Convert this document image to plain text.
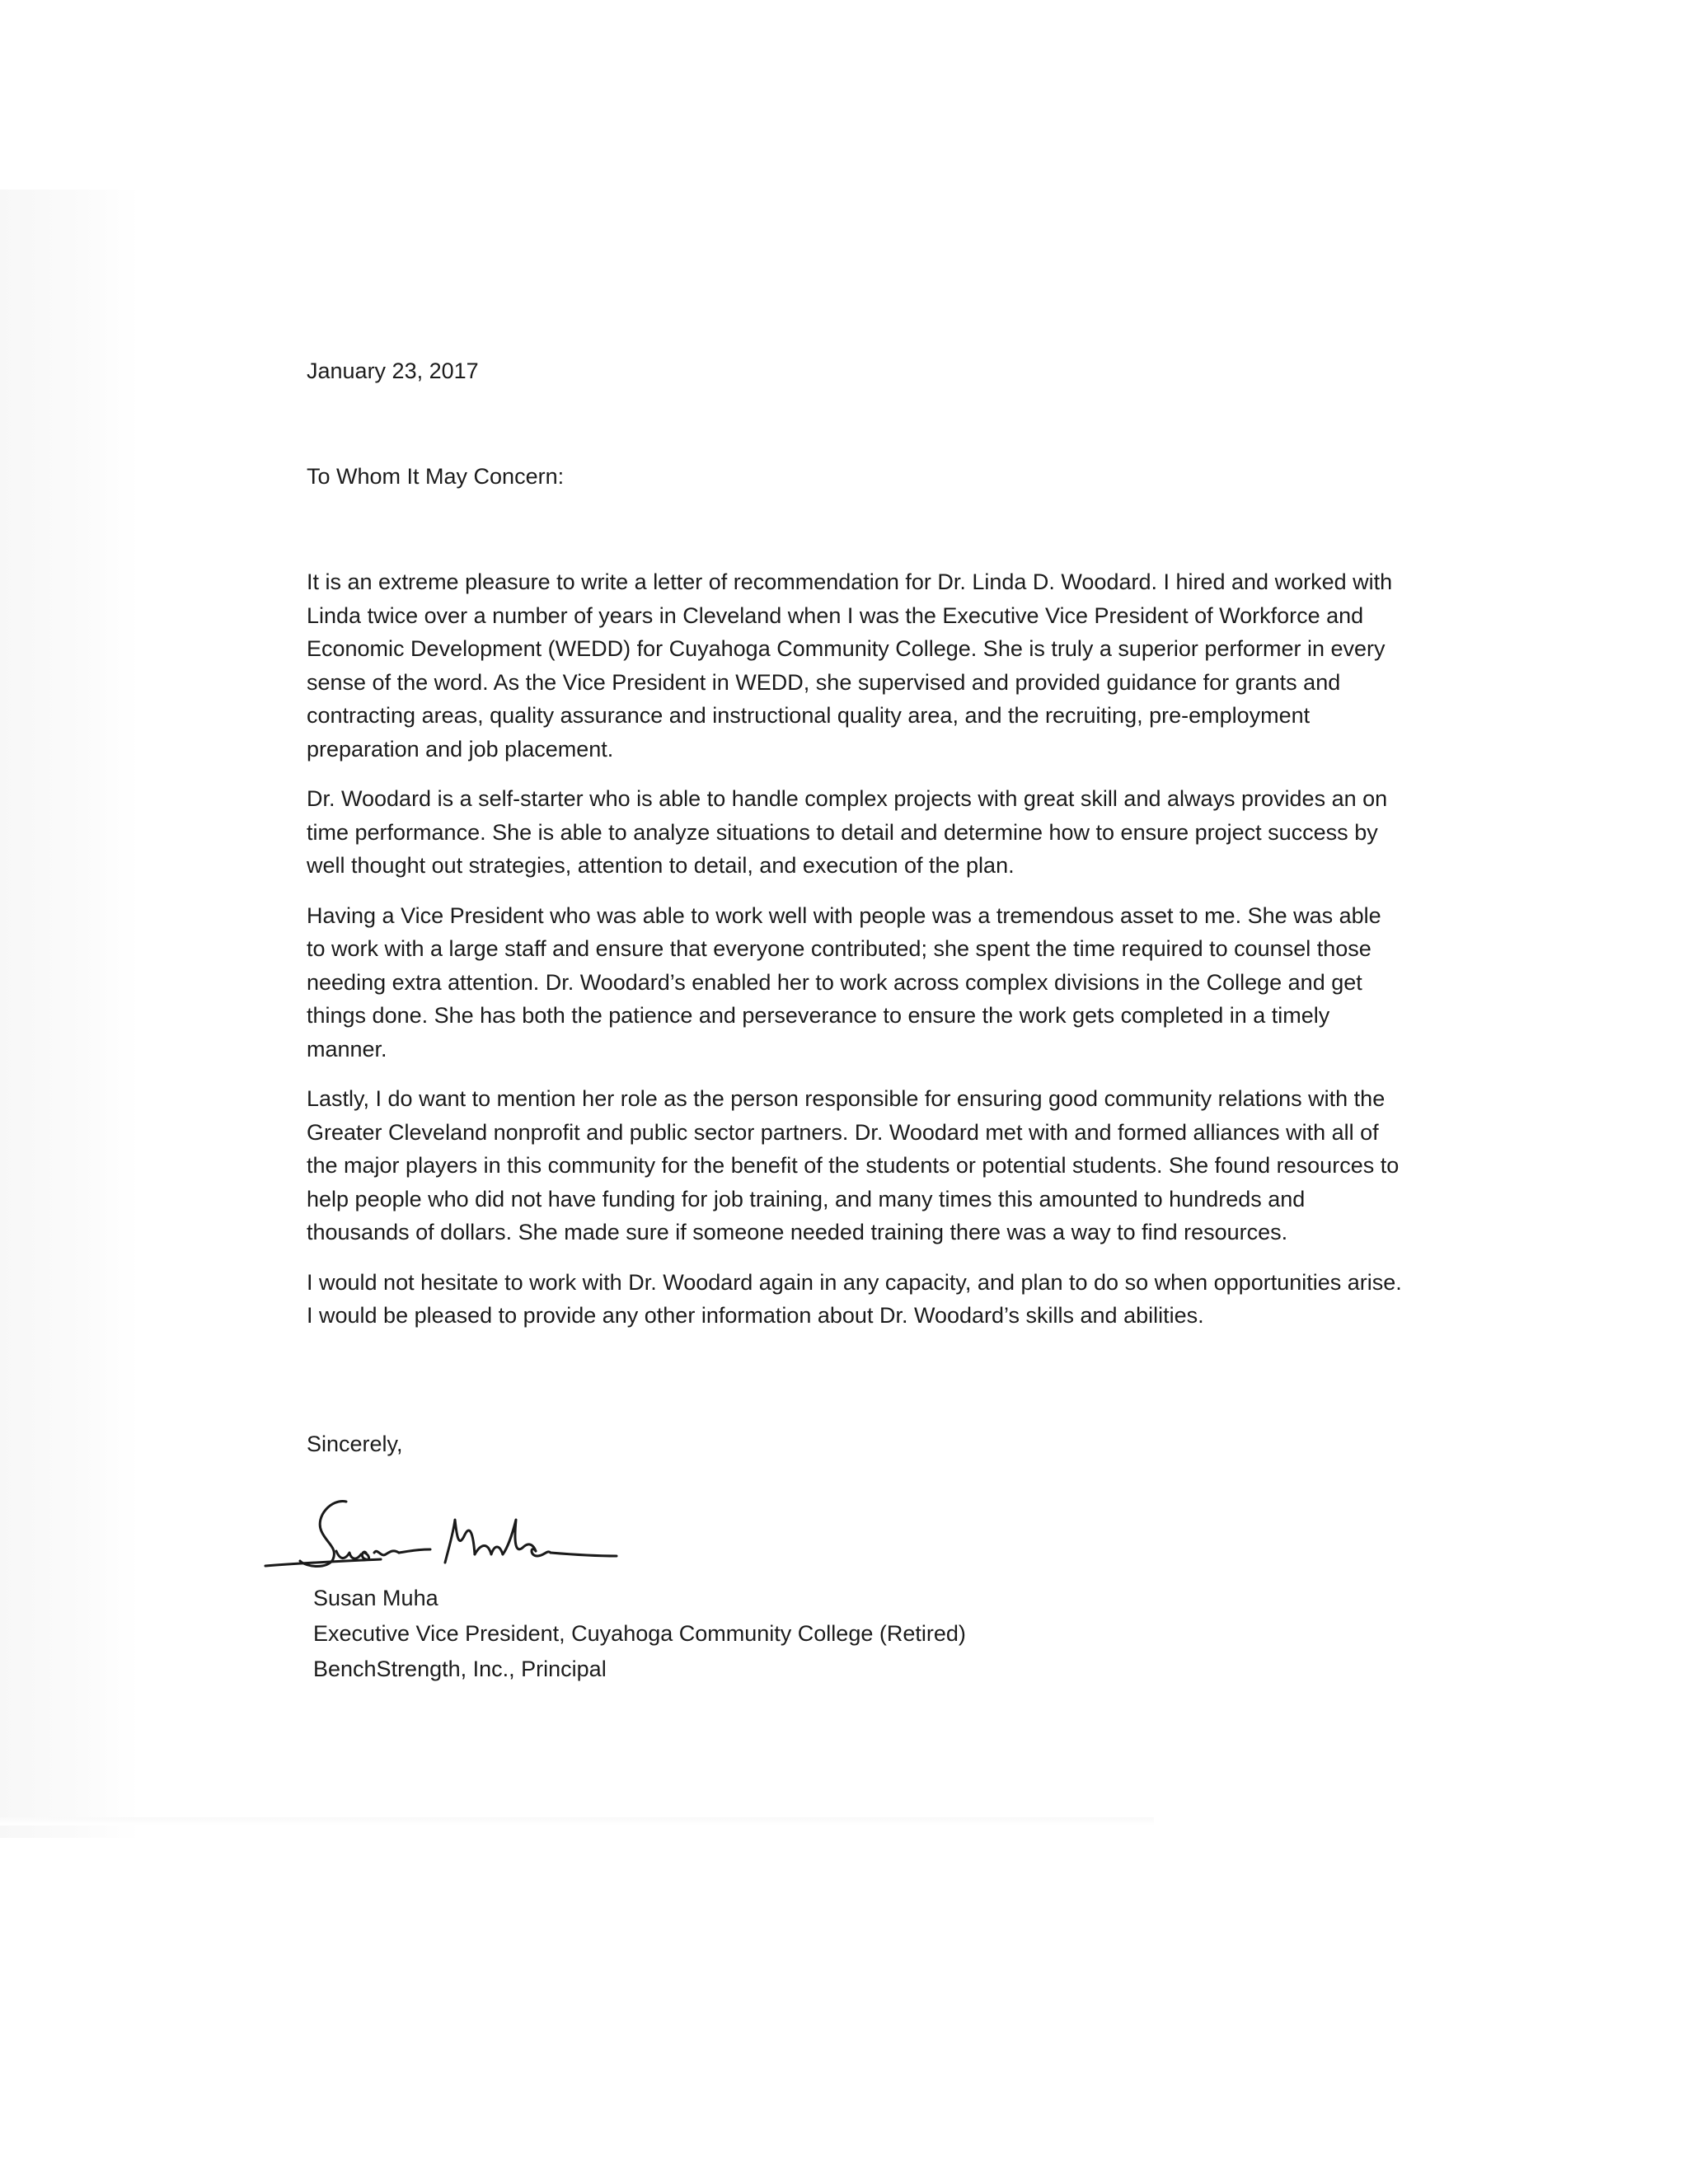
January 23, 2017

To Whom It May Concern:

It is an extreme pleasure to write a letter of recommendation for Dr. Linda D. Woodard. I hired and worked with Linda twice over a number of years in Cleveland when I was the Executive Vice President of Workforce and Economic Development (WEDD) for Cuyahoga Community College. She is truly a superior performer in every sense of the word. As the Vice President in WEDD, she supervised and provided guidance for grants and contracting areas, quality assurance and instructional quality area, and the recruiting, pre-employment preparation and job placement.

Dr. Woodard is a self-starter who is able to handle complex projects with great skill and always provides an on time performance. She is able to analyze situations to detail and determine how to ensure project success by well thought out strategies, attention to detail, and execution of the plan.

Having a Vice President who was able to work well with people was a tremendous asset to me. She was able to work with a large staff and ensure that everyone contributed; she spent the time required to counsel those needing extra attention. Dr. Woodard’s enabled her to work across complex divisions in the College and get things done. She has both the patience and perseverance to ensure the work gets completed in a timely manner.

Lastly, I do want to mention her role as the person responsible for ensuring good community relations with the Greater Cleveland nonprofit and public sector partners. Dr. Woodard met with and formed alliances with all of the major players in this community for the benefit of the students or potential students. She found resources to help people who did not have funding for job training, and many times this amounted to hundreds and thousands of dollars. She made sure if someone needed training there was a way to find resources.

I would not hesitate to work with Dr. Woodard again in any capacity, and plan to do so when opportunities arise. I would be pleased to provide any other information about Dr. Woodard’s skills and abilities.

Sincerely,

Susan Muha
Executive Vice President, Cuyahoga Community College (Retired)
BenchStrength, Inc., Principal
